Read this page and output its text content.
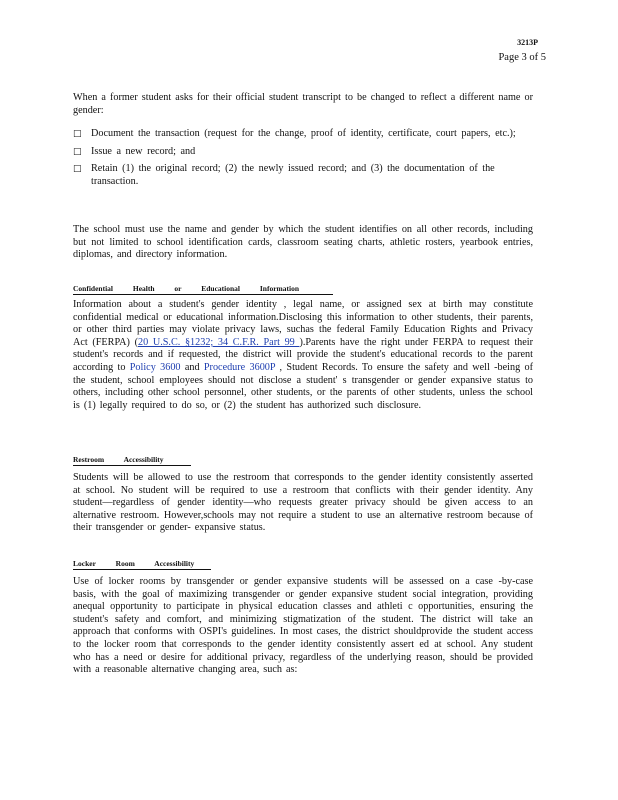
3213P
Page 3 of 5
When a former student asks for their official student transcript to be changed to reflect a different name or gender:
□ Document the transaction (request for the change, proof of identity, certificate, court papers, etc.);
□ Issue a new record; and
□ Retain (1) the original record; (2) the newly issued record; and (3) the documentation of the transaction.
The school must use the name and gender by which the student identifies on all other records, including but not limited to school identification cards, classroom seating charts, athletic rosters, yearbook entries, diplomas, and directory information.
Confidential Health or Educational Information
Information about a student's gender identity , legal name, or assigned sex at birth may constitute confidential medical or educational information.Disclosing this information to other students, their parents, or other third parties may violate privacy laws, suchas the federal Family Education Rights and Privacy Act (FERPA) (20 U.S.C. §1232; 34 C.F.R. Part 99 ).Parents have the right under FERPA to request their student's records and if requested, the district will provide the student's educational records to the parent according to Policy 3600 and Procedure 3600P , Student Records. To ensure the safety and well -being of the student, school employees should not disclose a student' s transgender or gender expansive status to others, including other school personnel, other students, or the parents of other students, unless the school is (1) legally required to do so, or (2) the student has authorized such disclosure.
Restroom Accessibility
Students will be allowed to use the restroom that corresponds to the gender identity consistently asserted at school. No student will be required to use a restroom that conflicts with their gender identity. Any student—regardless of gender identity—who requests greater privacy should be given access to an alternative restroom. However,schools may not require a student to use an alternative restroom because of their transgender or gender- expansive status.
Locker Room Accessibility
Use of locker rooms by transgender or gender expansive students will be assessed on a case -by-case basis, with the goal of maximizing transgender or gender expansive student social integration, providing anequal opportunity to participate in physical education classes and athleti c opportunities, ensuring the student's safety and comfort, and minimizing stigmatization of the student. The district will take an approach that conforms with OSPI's guidelines. In most cases, the district shouldprovide the student access to the locker room that corresponds to the gender identity consistently assert ed at school. Any student who has a need or desire for additional privacy, regardless of the underlying reason, should be provided with a reasonable alternative changing area, such as:
